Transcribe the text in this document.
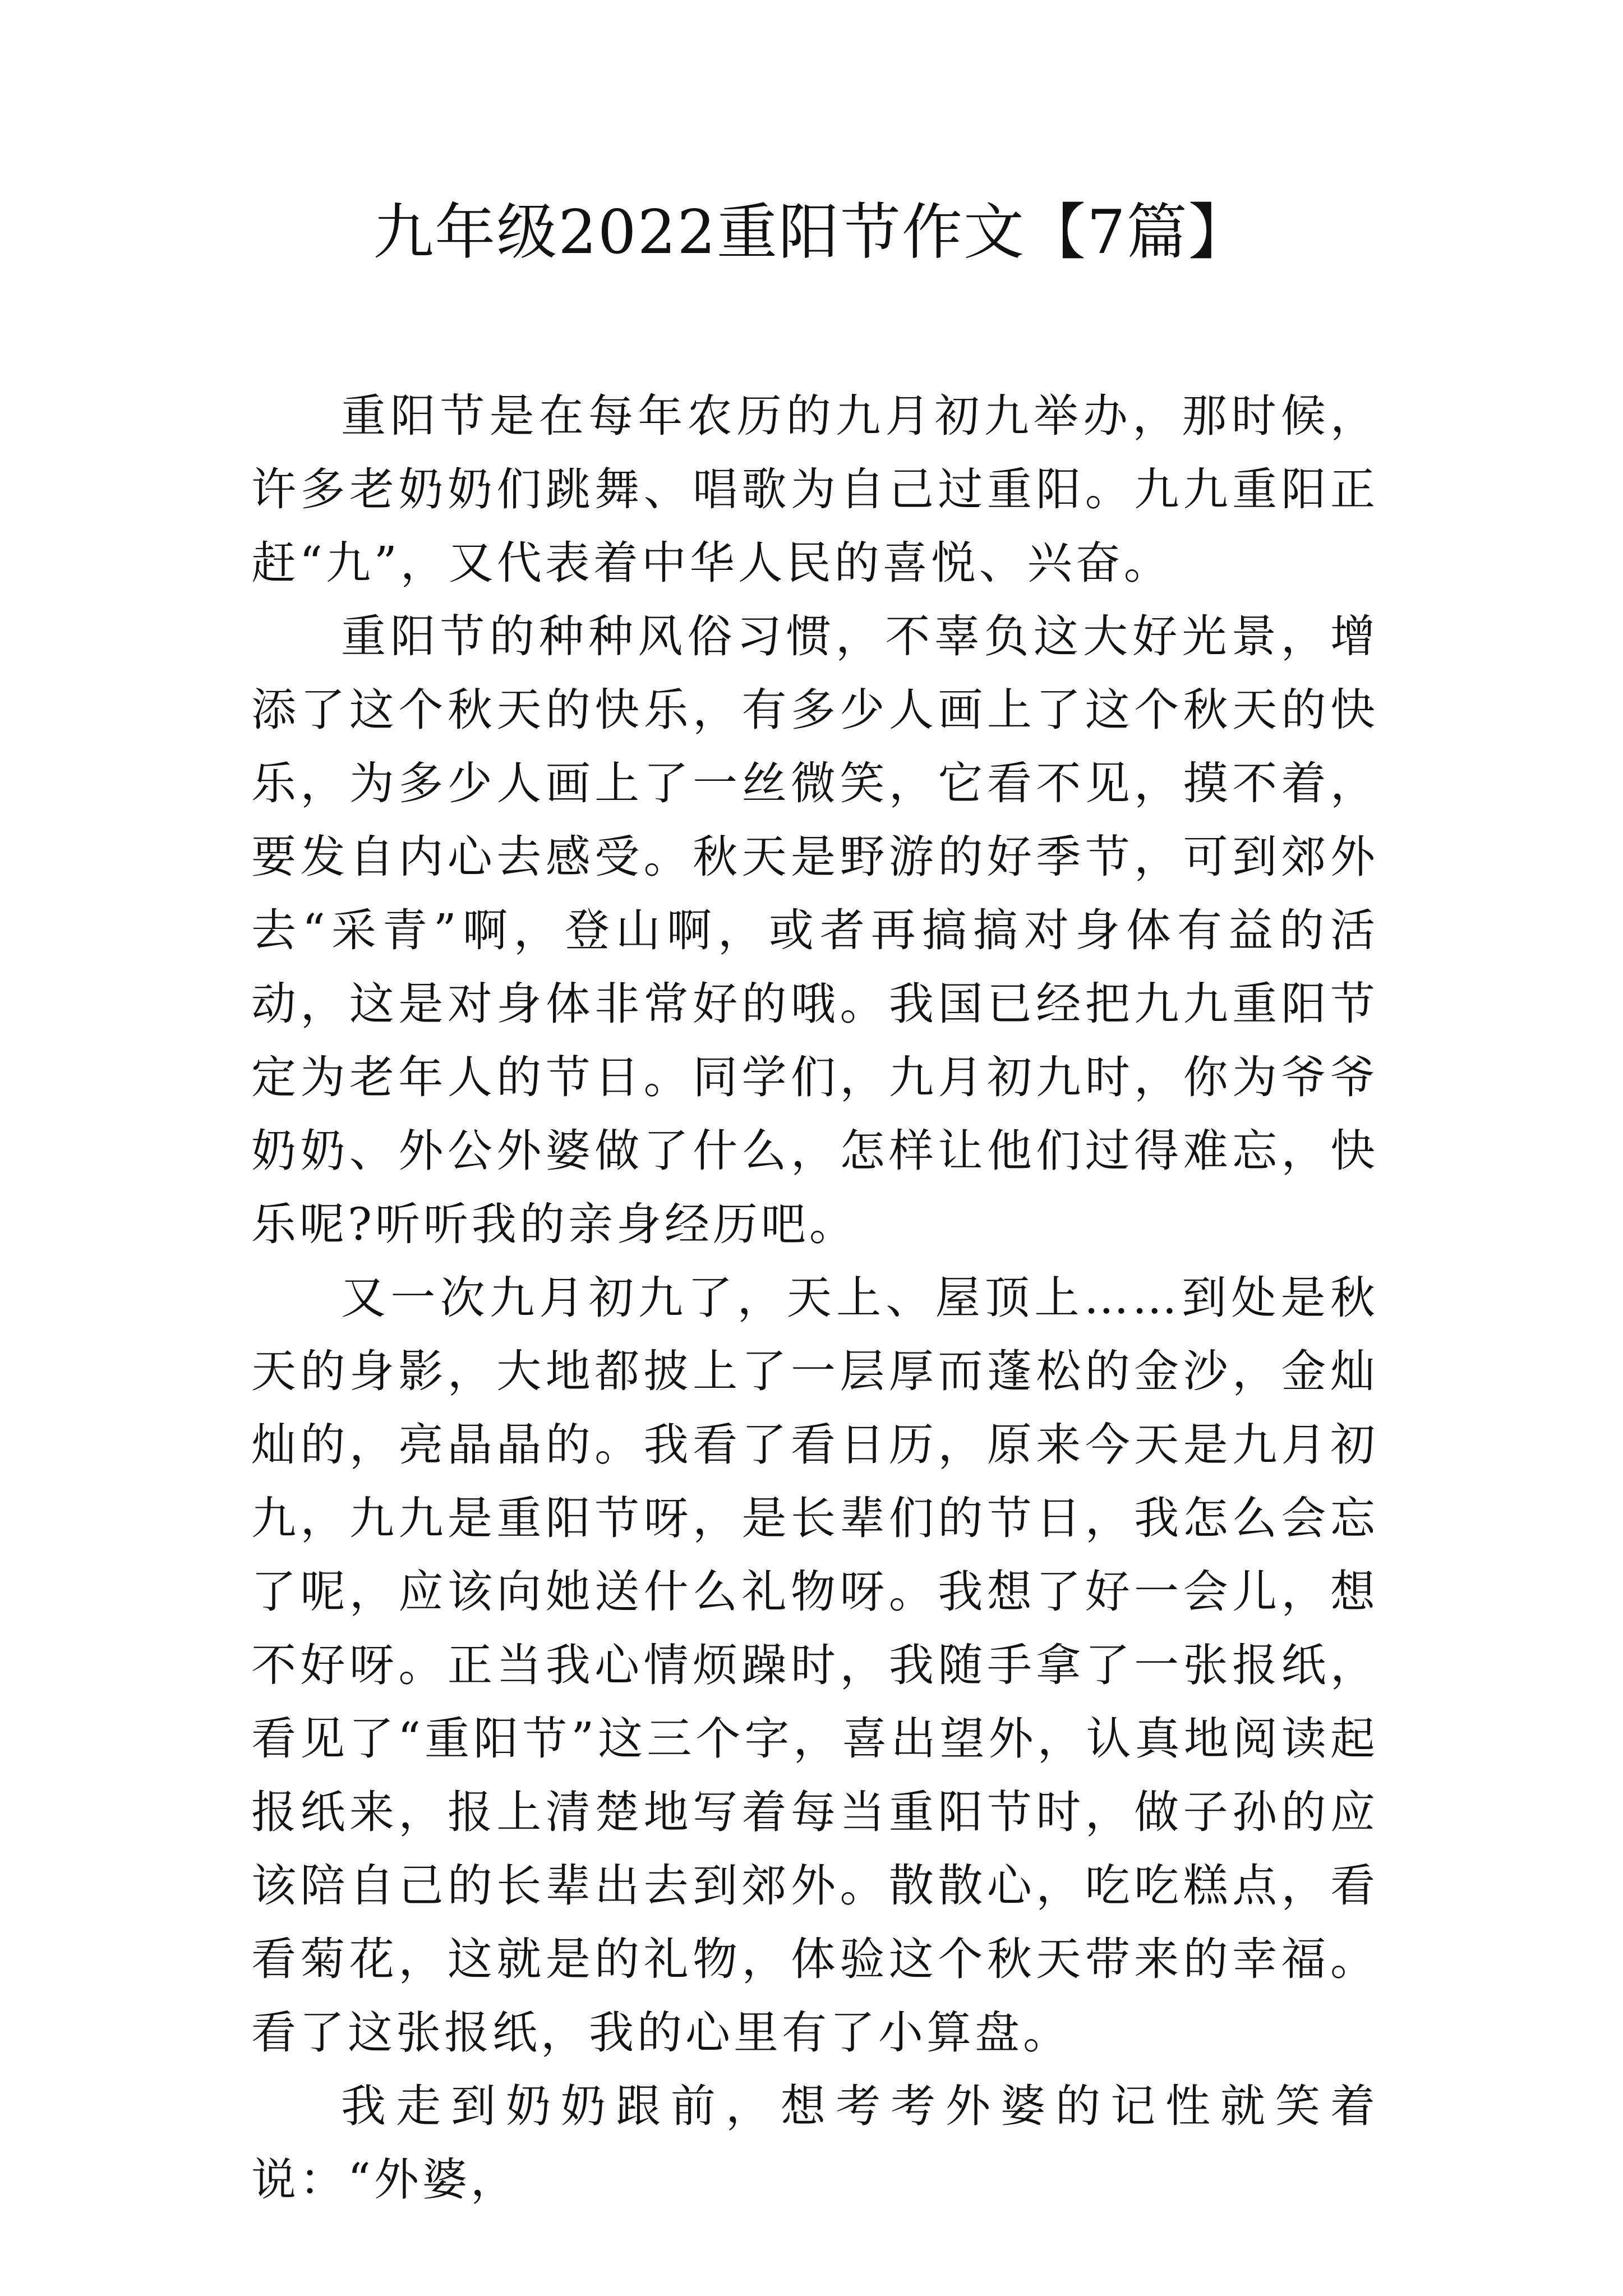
九年级2022重阳节作文【7篇】

重阳节是在每年农历的九月初九举办，那时候，许多老奶奶们跳舞、唱歌为自己过重阳。九九重阳正赶“九”，又代表着中华人民的喜悦、兴奋。

重阳节的种种风俗习惯，不辜负这大好光景，增添了这个秋天的快乐，有多少人画上了这个秋天的快乐，为多少人画上了一丝微笑，它看不见，摸不着，要发自内心去感受。秋天是野游的好季节，可到郊外去“采青”啊，登山啊，或者再搞搞对身体有益的活动，这是对身体非常好的哦。我国已经把九九重阳节定为老年人的节日。同学们，九月初九时，你为爷爷奶奶、外公外婆做了什么，怎样让他们过得难忘，快乐呢?听听我的亲身经历吧。

又一次九月初九了，天上、屋顶上……到处是秋天的身影，大地都披上了一层厚而蓬松的金沙，金灿灿的，亮晶晶的。我看了看日历，原来今天是九月初九，九九是重阳节呀，是长辈们的节日，我怎么会忘了呢，应该向她送什么礼物呀。我想了好一会儿，想不好呀。正当我心情烦躁时，我随手拿了一张报纸，看见了“重阳节”这三个字，喜出望外，认真地阅读起报纸来，报上清楚地写着每当重阳节时，做子孙的应该陪自己的长辈出去到郊外。散散心，吃吃糕点，看看菊花，这就是的礼物，体验这个秋天带来的幸福。看了这张报纸，我的心里有了小算盘。

我走到奶奶跟前，想考考外婆的记性就笑着说：“外婆，
